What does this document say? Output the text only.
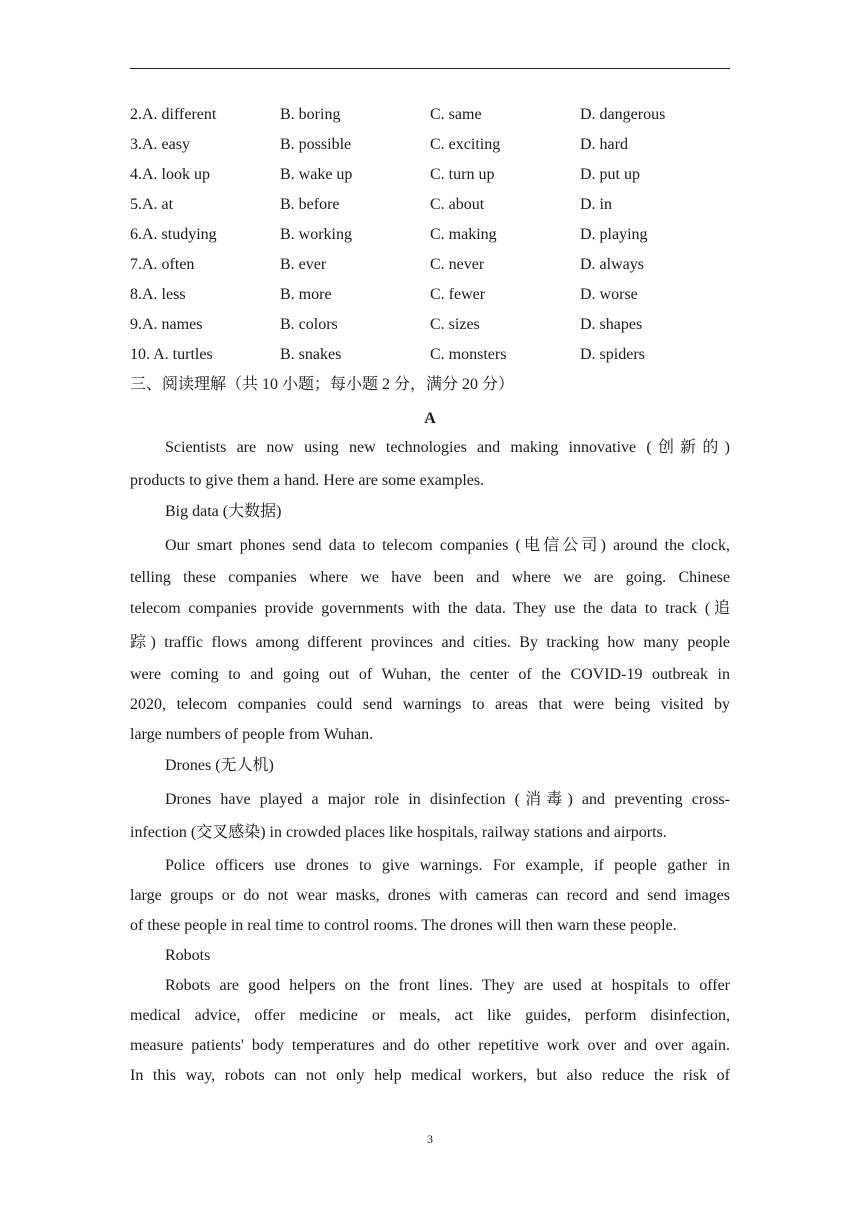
2.A. different	B. boring	C. same	D. dangerous
3.A. easy	B. possible	C. exciting	D. hard
4.A. look up	B. wake up	C. turn up	D. put up
5.A. at	B. before	C. about	D. in
6.A. studying	B. working	C. making	D. playing
7.A. often	B. ever	C. never	D. always
8.A. less	B. more	C. fewer	D. worse
9.A. names	B. colors	C. sizes	D. shapes
10. A. turtles	B. snakes	C. monsters	D. spiders
三、阅读理解（共 10 小题；每小题 2 分，满分 20 分）
A
Scientists are now using new technologies and making innovative (创新的)
products to give them a hand. Here are some examples.
Big data (大数据)
Our smart phones send data to telecom companies (电信公司) around the clock,
telling these companies where we have been and where we are going. Chinese
telecom companies provide governments with the data. They use the data to track (追
踪) traffic flows among different provinces and cities. By tracking how many people
were coming to and going out of Wuhan, the center of the COVID-19 outbreak in
2020, telecom companies could send warnings to areas that were being visited by
large numbers of people from Wuhan.
Drones (无人机)
Drones have played a major role in disinfection (消毒) and preventing cross-
infection (交叉感染) in crowded places like hospitals, railway stations and airports.
Police officers use drones to give warnings. For example, if people gather in
large groups or do not wear masks, drones with cameras can record and send images
of these people in real time to control rooms. The drones will then warn these people.
Robots
Robots are good helpers on the front lines. They are used at hospitals to offer
medical advice, offer medicine or meals, act like guides, perform disinfection,
measure patients' body temperatures and do other repetitive work over and over again.
In this way, robots can not only help medical workers, but also reduce the risk of
3
